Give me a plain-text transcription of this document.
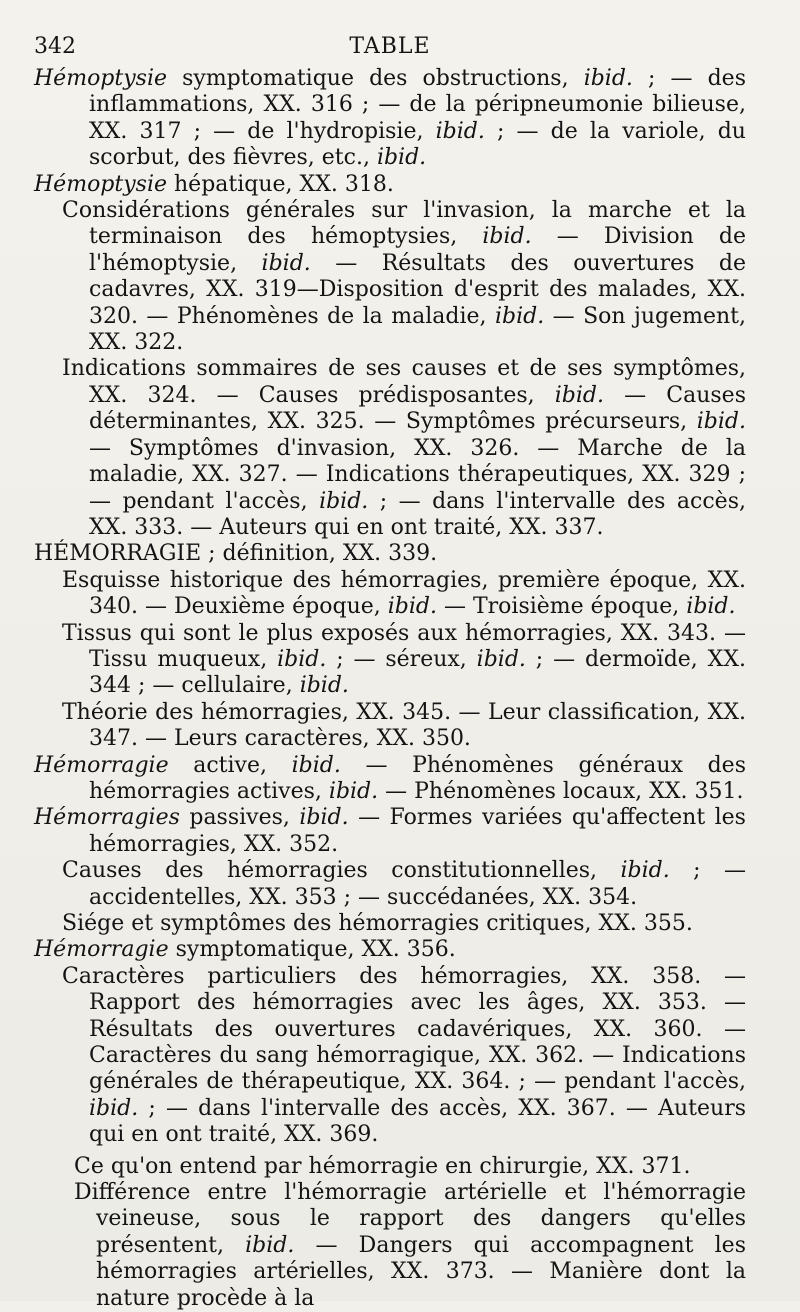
342	TABLE

Hémoptysie symptomatique des obstructions, ibid. ; — des inflammations, XX. 316 ; — de la péripneumonie bilieuse, XX. 317 ; — de l'hydropisie, ibid. ; — de la variole, du scorbut, des fièvres, etc., ibid.

Hémoptysie hépatique, XX. 318.

Considérations générales sur l'invasion, la marche et la terminaison des hémoptysies, ibid. — Division de l'hémoptysie, ibid. — Résultats des ouvertures de cadavres, XX. 319—Disposition d'esprit des malades, XX. 320. — Phénomènes de la maladie, ibid. — Son jugement, XX. 322.

Indications sommaires de ses causes et de ses symptômes, XX. 324. — Causes prédisposantes, ibid. — Causes déterminantes, XX. 325. — Symptômes précurseurs, ibid. — Symptômes d'invasion, XX. 326. — Marche de la maladie, XX. 327. — Indications thérapeutiques, XX. 329 ; — pendant l'accès, ibid. ; — dans l'intervalle des accès, XX. 333. — Auteurs qui en ont traité, XX. 337.

HÉMORRAGIE ; définition, XX. 339.

Esquisse historique des hémorragies, première époque, XX. 340. — Deuxième époque, ibid. — Troisième époque, ibid.

Tissus qui sont le plus exposés aux hémorragies, XX. 343. — Tissu muqueux, ibid. ; — séreux, ibid. ; — dermoïde, XX. 344 ; — cellulaire, ibid.

Théorie des hémorragies, XX. 345. — Leur classification, XX. 347. — Leurs caractères, XX. 350.

Hémorragie active, ibid. — Phénomènes généraux des hémorragies actives, ibid. — Phénomènes locaux, XX. 351.

Hémorragies passives, ibid. — Formes variées qu'affectent les hémorragies, XX. 352.

Causes des hémorragies constitutionnelles, ibid. ; — accidentelles, XX. 353 ; — succédanées, XX. 354.

Siége et symptômes des hémorragies critiques, XX. 355.

Hémorragie symptomatique, XX. 356.

Caractères particuliers des hémorragies, XX. 358. — Rapport des hémorragies avec les âges, XX. 353. — Résultats des ouvertures cadavériques, XX. 360. — Caractères du sang hémorragique, XX. 362. — Indications générales de thérapeutique, XX. 364. ; — pendant l'accès, ibid. ; — dans l'intervalle des accès, XX. 367. — Auteurs qui en ont traité, XX. 369.

Ce qu'on entend par hémorragie en chirurgie, XX. 371.

Différence entre l'hémorragie artérielle et l'hémorragie veineuse, sous le rapport des dangers qu'elles présentent, ibid. — Dangers qui accompagnent les hémorragies artérielles, XX. 373. — Manière dont la nature procède à la
